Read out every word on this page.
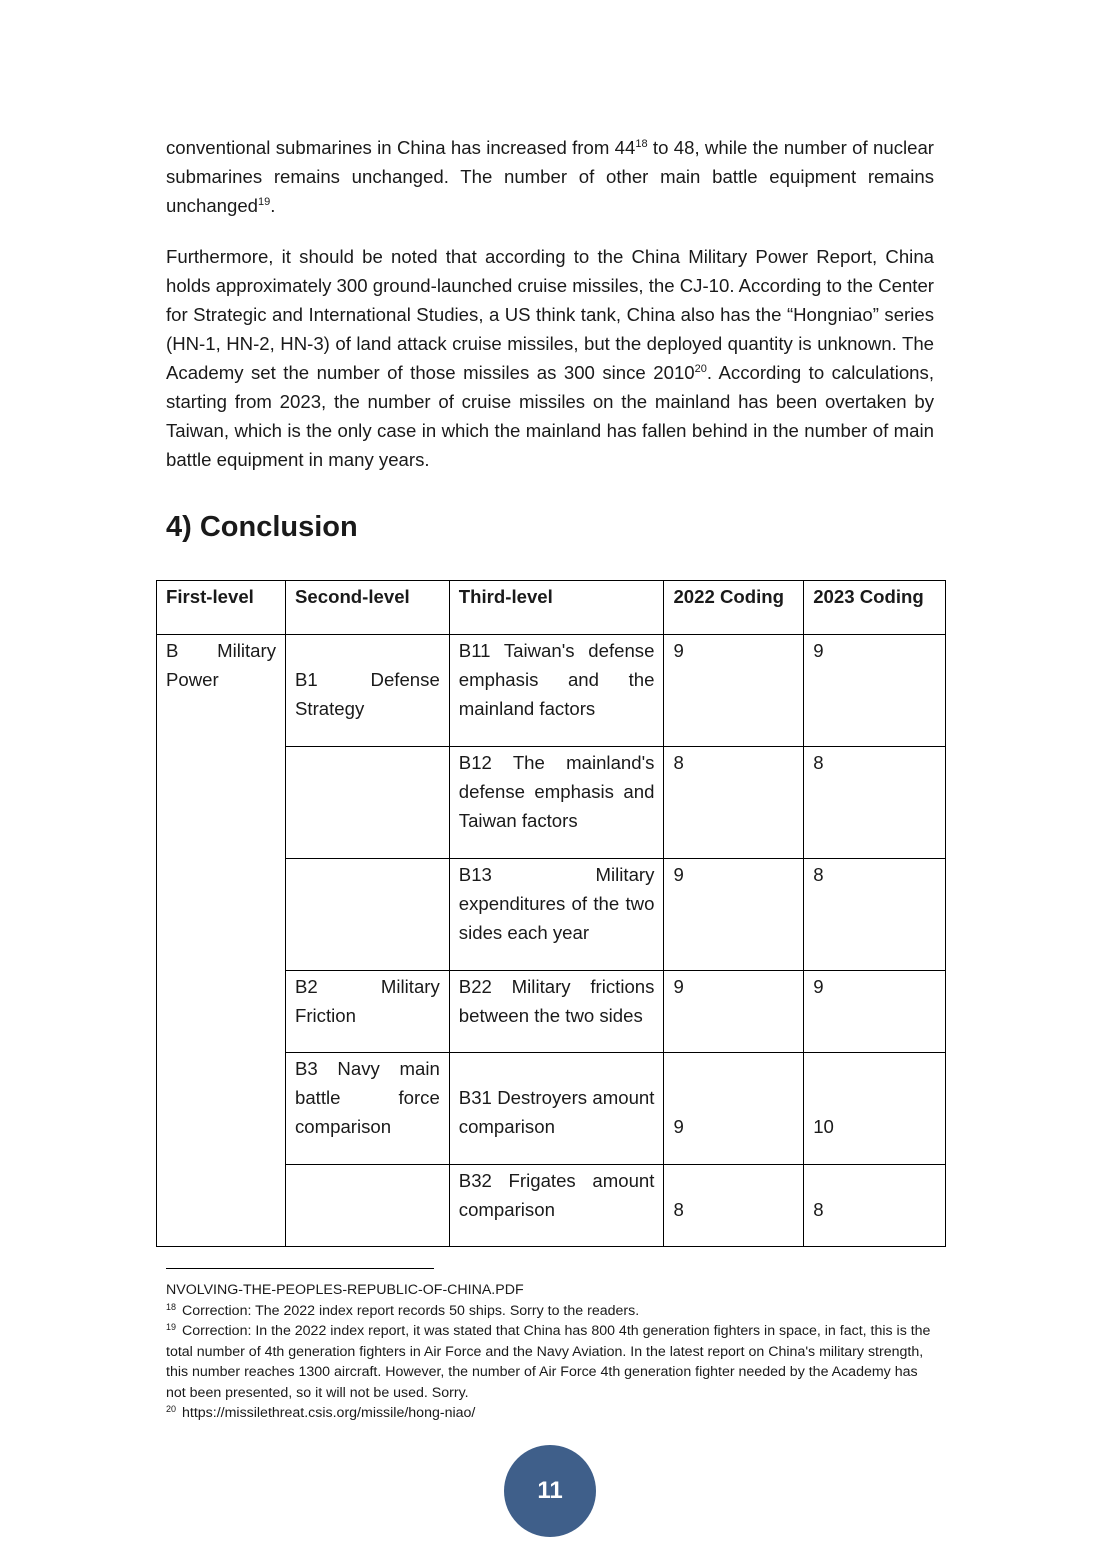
conventional submarines in China has increased from $44^{18}$ to 48, while the number of nuclear submarines remains unchanged. The number of other main battle equipment remains unchanged$^{19}$.

Furthermore, it should be noted that according to the China Military Power Report, China holds approximately 300 ground-launched cruise missiles, the CJ-10. According to the Center for Strategic and International Studies, a US think tank, China also has the “Hongniao” series (HN-1, HN-2, HN-3) of land attack cruise missiles, but the deployed quantity is unknown. The Academy set the number of those missiles as 300 since 2010$^{20}$. According to calculations, starting from 2023, the number of cruise missiles on the mainland has been overtaken by Taiwan, which is the only case in which the mainland has fallen behind in the number of main battle equipment in many years.

4) Conclusion
First-level	Second-level	Third-level	2022 Coding	2023 Coding
B Military
Power	B1 Defense Strategy	B11 Taiwan's defense emphasis and the mainland factors	9	9

		B12 The mainland's defense emphasis and Taiwan factors	8	8

		B13 Military expenditures of the two sides each year	9	8

	B2 Military Friction	B22 Military frictions between the two sides	9	9

	B3 Navy main battle force comparison	B31 Destroyers amount comparison	9	10

		B32 Frigates amount comparison	8	8
NVOLVING-THE-PEOPLES-REPUBLIC-OF-CHINA.PDF
$^{18}$ Correction: The 2022 index report records 50 ships. Sorry to the readers.
$^{19}$ Correction: In the 2022 index report, it was stated that China has 800 4th generation fighters in space, in fact, this is the total number of 4th generation fighters in Air Force and the Navy Aviation. In the latest report on China's military strength, this number reaches 1300 aircraft. However, the number of Air Force 4th generation fighter needed by the Academy has not been presented, so it will not be used. Sorry.
$^{20}$ https://missilethreat.csis.org/missile/hong-niao/
11
